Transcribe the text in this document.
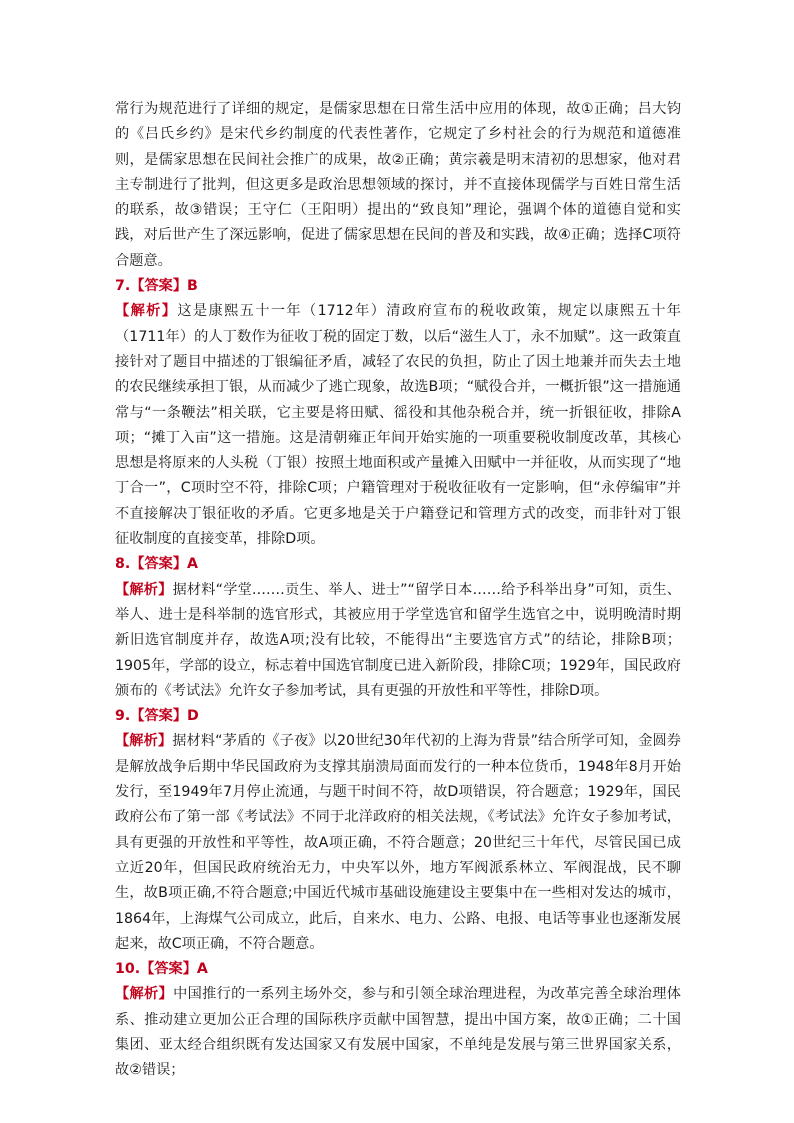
常行为规范进行了详细的规定，是儒家思想在日常生活中应用的体现，故①正确；吕大钧的《吕氏乡约》是宋代乡约制度的代表性著作，它规定了乡村社会的行为规范和道德准则，是儒家思想在民间社会推广的成果，故②正确；黄宗羲是明末清初的思想家，他对君主专制进行了批判，但这更多是政治思想领域的探讨，并不直接体现儒学与百姓日常生活的联系，故③错误；王守仁（王阳明）提出的“致良知”理论，强调个体的道德自觉和实践，对后世产生了深远影响，促进了儒家思想在民间的普及和实践，故④正确；选择C项符合题意。

7.【答案】B

【解析】这是康熙五十一年（1712年）清政府宣布的税收政策，规定以康熙五十年（1711年）的人丁数作为征收丁税的固定丁数，以后“滋生人丁，永不加赋”。这一政策直接针对了题目中描述的丁银编征矛盾，减轻了农民的负担，防止了因土地兼并而失去土地的农民继续承担丁银，从而减少了逃亡现象，故选B项；“赋役合并，一概折银”这一措施通常与“一条鞭法”相关联，它主要是将田赋、徭役和其他杂税合并，统一折银征收，排除A项；“摊丁入亩”这一措施。这是清朝雍正年间开始实施的一项重要税收制度改革，其核心思想是将原来的人头税（丁银）按照土地面积或产量摊入田赋中一并征收，从而实现了“地丁合一”，C项时空不符，排除C项；户籍管理对于税收征收有一定影响，但“永停编审”并不直接解决丁银征收的矛盾。它更多地是关于户籍登记和管理方式的改变，而非针对丁银征收制度的直接变革，排除D项。

8.【答案】A

【解析】据材料“学堂.……贡生、举人、进士”“留学日本……给予科举出身”可知，贡生、举人、进士是科举制的选官形式，其被应用于学堂选官和留学生选官之中，说明晚清时期新旧选官制度并存，故选A项;没有比较，不能得出“主要选官方式”的结论，排除B项；1905年，学部的设立，标志着中国选官制度已进入新阶段，排除C项；1929年，国民政府颁布的《考试法》允许女子参加考试，具有更强的开放性和平等性，排除D项。

9.【答案】D

【解析】据材料“茅盾的《子夜》以20世纪30年代初的上海为背景”结合所学可知，金圆券是解放战争后期中华民国政府为支撑其崩溃局面而发行的一种本位货币，1948年8月开始发行，至1949年7月停止流通，与题干时间不符，故D项错误，符合题意；1929年，国民政府公布了第一部《考试法》不同于北洋政府的相关法规，《考试法》允许女子参加考试，具有更强的开放性和平等性，故A项正确，不符合题意；20世纪三十年代，尽管民国已成立近20年，但国民政府统治无力，中央军以外，地方军阀派系林立、军阀混战，民不聊生，故B项正确,不符合题意;中国近代城市基础设施建设主要集中在一些相对发达的城市，1864年，上海煤气公司成立，此后，自来水、电力、公路、电报、电话等事业也逐渐发展起来，故C项正确，不符合题意。

10.【答案】A

【解析】中国推行的一系列主场外交，参与和引领全球治理进程，为改革完善全球治理体系、推动建立更加公正合理的国际秩序贡献中国智慧，提出中国方案，故①正确；二十国集团、亚太经合组织既有发达国家又有发展中国家，不单纯是发展与第三世界国家关系，故②错误；
